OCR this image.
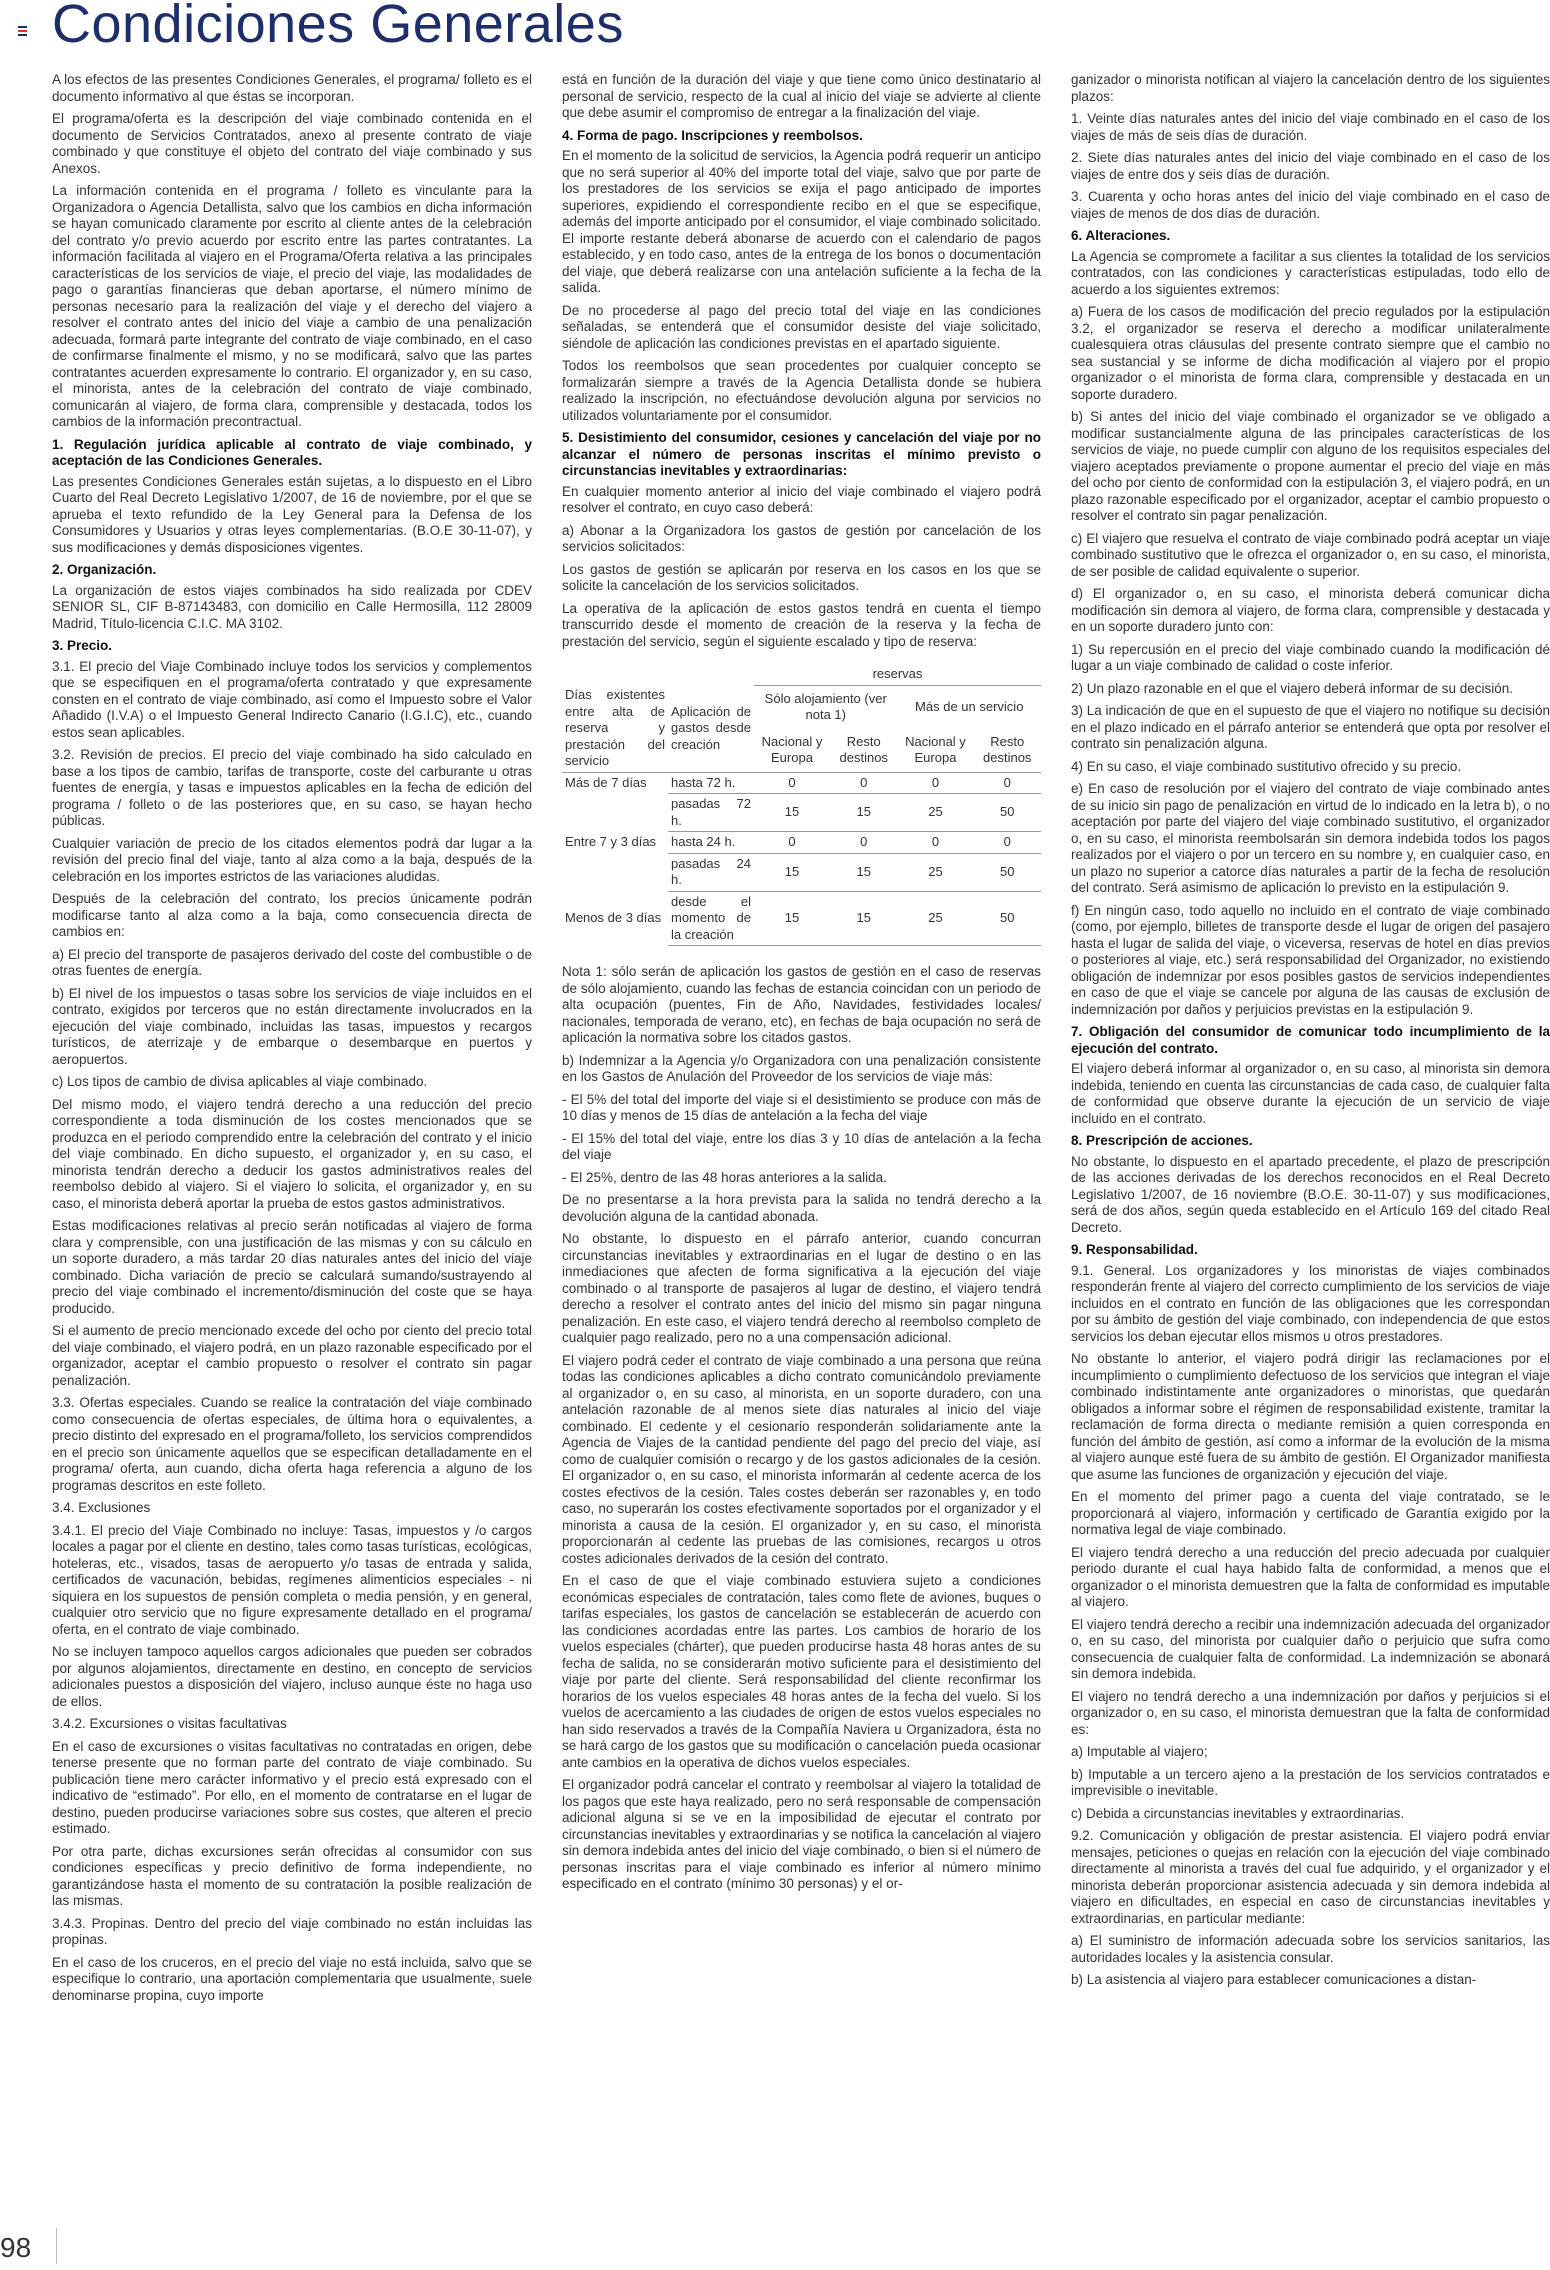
Condiciones Generales

A los efectos de las presentes Condiciones Generales, el programa/ folleto es el documento informativo al que éstas se incorporan.

El programa/oferta es la descripción del viaje combinado contenida en el documento de Servicios Contratados, anexo al presente contrato de viaje combinado y que constituye el objeto del contrato del viaje combinado y sus Anexos.

La información contenida en el programa / folleto es vinculante para la Organizadora o Agencia Detallista, salvo que los cambios en dicha información se hayan comunicado claramente por escrito al cliente antes de la celebración del contrato y/o previo acuerdo por escrito entre las partes contratantes. La información facilitada al viajero en el Programa/Oferta relativa a las principales características de los servicios de viaje, el precio del viaje, las modalidades de pago o garantías financieras que deban aportarse, el número mínimo de personas necesario para la realización del viaje y el derecho del viajero a resolver el contrato antes del inicio del viaje a cambio de una penalización adecuada, formará parte integrante del contrato de viaje combinado, en el caso de confirmarse finalmente el mismo, y no se modificará, salvo que las partes contratantes acuerden expresamente lo contrario. El organizador y, en su caso, el minorista, antes de la celebración del contrato de viaje combinado, comunicarán al viajero, de forma clara, comprensible y destacada, todos los cambios de la información precontractual.

1. Regulación jurídica aplicable al contrato de viaje combinado, y aceptación de las Condiciones Generales.

Las presentes Condiciones Generales están sujetas, a lo dispuesto en el Libro Cuarto del Real Decreto Legislativo 1/2007, de 16 de noviembre, por el que se aprueba el texto refundido de la Ley General para la Defensa de los Consumidores y Usuarios y otras leyes complementarias. (B.O.E 30-11-07), y sus modificaciones y demás disposiciones vigentes.

2. Organización.

La organización de estos viajes combinados ha sido realizada por CDEV SENIOR SL, CIF B-87143483, con domicilio en Calle Hermosilla, 112 28009 Madrid, Título-licencia C.I.C. MA 3102.

3. Precio.

3.1. El precio del Viaje Combinado incluye todos los servicios y complementos que se especifiquen en el programa/oferta contratado y que expresamente consten en el contrato de viaje combinado, así como el Impuesto sobre el Valor Añadido (I.V.A) o el Impuesto General Indirecto Canario (I.G.I.C), etc., cuando estos sean aplicables.

3.2. Revisión de precios. El precio del viaje combinado ha sido calculado en base a los tipos de cambio, tarifas de transporte, coste del carburante u otras fuentes de energía, y tasas e impuestos aplicables en la fecha de edición del programa / folleto o de las posteriores que, en su caso, se hayan hecho públicas.

Cualquier variación de precio de los citados elementos podrá dar lugar a la revisión del precio final del viaje, tanto al alza como a la baja, después de la celebración en los importes estrictos de las variaciones aludidas.

Después de la celebración del contrato, los precios únicamente podrán modificarse tanto al alza como a la baja, como consecuencia directa de cambios en:

a) El precio del transporte de pasajeros derivado del coste del combustible o de otras fuentes de energía.

b) El nivel de los impuestos o tasas sobre los servicios de viaje incluidos en el contrato, exigidos por terceros que no están directamente involucrados en la ejecución del viaje combinado, incluidas las tasas, impuestos y recargos turísticos, de aterrizaje y de embarque o desembarque en puertos y aeropuertos.

c) Los tipos de cambio de divisa aplicables al viaje combinado.

Del mismo modo, el viajero tendrá derecho a una reducción del precio correspondiente a toda disminución de los costes mencionados que se produzca en el periodo comprendido entre la celebración del contrato y el inicio del viaje combinado. En dicho supuesto, el organizador y, en su caso, el minorista tendrán derecho a deducir los gastos administrativos reales del reembolso debido al viajero. Si el viajero lo solicita, el organizador y, en su caso, el minorista deberá aportar la prueba de estos gastos administrativos.

Estas modificaciones relativas al precio serán notificadas al viajero de forma clara y comprensible, con una justificación de las mismas y con su cálculo en un soporte duradero, a más tardar 20 días naturales antes del inicio del viaje combinado. Dicha variación de precio se calculará sumando/sustrayendo al precio del viaje combinado el incremento/disminución del coste que se haya producido.

Si el aumento de precio mencionado excede del ocho por ciento del precio total del viaje combinado, el viajero podrá, en un plazo razonable especificado por el organizador, aceptar el cambio propuesto o resolver el contrato sin pagar penalización.

3.3. Ofertas especiales. Cuando se realice la contratación del viaje combinado como consecuencia de ofertas especiales, de última hora o equivalentes, a precio distinto del expresado en el programa/folleto, los servicios comprendidos en el precio son únicamente aquellos que se especifican detalladamente en el programa/ oferta, aun cuando, dicha oferta haga referencia a alguno de los programas descritos en este folleto.

3.4. Exclusiones

3.4.1. El precio del Viaje Combinado no incluye: Tasas, impuestos y /o cargos locales a pagar por el cliente en destino, tales como tasas turísticas, ecológicas, hoteleras, etc., visados, tasas de aeropuerto y/o tasas de entrada y salida, certificados de vacunación, bebidas, regímenes alimenticios especiales - ni siquiera en los supuestos de pensión completa o media pensión, y en general, cualquier otro servicio que no figure expresamente detallado en el programa/ oferta, en el contrato de viaje combinado.

No se incluyen tampoco aquellos cargos adicionales que pueden ser cobrados por algunos alojamientos, directamente en destino, en concepto de servicios adicionales puestos a disposición del viajero, incluso aunque éste no haga uso de ellos.

3.4.2. Excursiones o visitas facultativas

En el caso de excursiones o visitas facultativas no contratadas en origen, debe tenerse presente que no forman parte del contrato de viaje combinado. Su publicación tiene mero carácter informativo y el precio está expresado con el indicativo de “estimado”. Por ello, en el momento de contratarse en el lugar de destino, pueden producirse variaciones sobre sus costes, que alteren el precio estimado.

Por otra parte, dichas excursiones serán ofrecidas al consumidor con sus condiciones específicas y precio definitivo de forma independiente, no garantizándose hasta el momento de su contratación la posible realización de las mismas.

3.4.3. Propinas. Dentro del precio del viaje combinado no están incluidas las propinas.

En el caso de los cruceros, en el precio del viaje no está incluida, salvo que se especifique lo contrario, una aportación complementaria que usualmente, suele denominarse propina, cuyo importe

está en función de la duración del viaje y que tiene como único destinatario al personal de servicio, respecto de la cual al inicio del viaje se advierte al cliente que debe asumir el compromiso de entregar a la finalización del viaje.

4. Forma de pago. Inscripciones y reembolsos.

En el momento de la solicitud de servicios, la Agencia podrá requerir un anticipo que no será superior al 40% del importe total del viaje, salvo que por parte de los prestadores de los servicios se exija el pago anticipado de importes superiores, expidiendo el correspondiente recibo en el que se especifique, además del importe anticipado por el consumidor, el viaje combinado solicitado. El importe restante deberá abonarse de acuerdo con el calendario de pagos establecido, y en todo caso, antes de la entrega de los bonos o documentación del viaje, que deberá realizarse con una antelación suficiente a la fecha de la salida.

De no procederse al pago del precio total del viaje en las condiciones señaladas, se entenderá que el consumidor desiste del viaje solicitado, siéndole de aplicación las condiciones previstas en el apartado siguiente.

Todos los reembolsos que sean procedentes por cualquier concepto se formalizarán siempre a través de la Agencia Detallista donde se hubiera realizado la inscripción, no efectuándose devolución alguna por servicios no utilizados voluntariamente por el consumidor.

5. Desistimiento del consumidor, cesiones y cancelación del viaje por no alcanzar el número de personas inscritas el mínimo previsto o circunstancias inevitables y extraordinarias:

En cualquier momento anterior al inicio del viaje combinado el viajero podrá resolver el contrato, en cuyo caso deberá:

a) Abonar a la Organizadora los gastos de gestión por cancelación de los servicios solicitados:

Los gastos de gestión se aplicarán por reserva en los casos en los que se solicite la cancelación de los servicios solicitados.

La operativa de la aplicación de estos gastos tendrá en cuenta el tiempo transcurrido desde el momento de creación de la reserva y la fecha de prestación del servicio, según el siguiente escalado y tipo de reserva:

		reservas			
Días existentes entre alta de reserva y prestación del servicio	Aplicación de gastos desde creación	Sólo alojamiento (ver nota 1)		Más de un servicio	
		Nacional y Europa	Resto destinos	Nacional y Europa	Resto destinos
Más de 7 días	hasta 72 h.	0	0	0	0
	pasadas 72 h.	15	15	25	50
Entre 7 y 3 días	hasta 24 h.	0	0	0	0
	pasadas 24 h.	15	15	25	50
Menos de 3 días	desde el momento de la creación	15	15	25	50

Nota 1: sólo serán de aplicación los gastos de gestión en el caso de reservas de sólo alojamiento, cuando las fechas de estancia coincidan con un periodo de alta ocupación (puentes, Fin de Año, Navidades, festividades locales/ nacionales, temporada de verano, etc), en fechas de baja ocupación no será de aplicación la normativa sobre los citados gastos.

b) Indemnizar a la Agencia y/o Organizadora con una penalización consistente en los Gastos de Anulación del Proveedor de los servicios de viaje más:

- El 5% del total del importe del viaje si el desistimiento se produce con más de 10 días y menos de 15 días de antelación a la fecha del viaje

- El 15% del total del viaje, entre los días 3 y 10 días de antelación a la fecha del viaje

- El 25%, dentro de las 48 horas anteriores a la salida.

De no presentarse a la hora prevista para la salida no tendrá derecho a la devolución alguna de la cantidad abonada.

No obstante, lo dispuesto en el párrafo anterior, cuando concurran circunstancias inevitables y extraordinarias en el lugar de destino o en las inmediaciones que afecten de forma significativa a la ejecución del viaje combinado o al transporte de pasajeros al lugar de destino, el viajero tendrá derecho a resolver el contrato antes del inicio del mismo sin pagar ninguna penalización. En este caso, el viajero tendrá derecho al reembolso completo de cualquier pago realizado, pero no a una compensación adicional.

El viajero podrá ceder el contrato de viaje combinado a una persona que reúna todas las condiciones aplicables a dicho contrato comunicándolo previamente al organizador o, en su caso, al minorista, en un soporte duradero, con una antelación razonable de al menos siete días naturales al inicio del viaje combinado. El cedente y el cesionario responderán solidariamente ante la Agencia de Viajes de la cantidad pendiente del pago del precio del viaje, así como de cualquier comisión o recargo y de los gastos adicionales de la cesión. El organizador o, en su caso, el minorista informarán al cedente acerca de los costes efectivos de la cesión. Tales costes deberán ser razonables y, en todo caso, no superarán los costes efectivamente soportados por el organizador y el minorista a causa de la cesión. El organizador y, en su caso, el minorista proporcionarán al cedente las pruebas de las comisiones, recargos u otros costes adicionales derivados de la cesión del contrato.

En el caso de que el viaje combinado estuviera sujeto a condiciones económicas especiales de contratación, tales como flete de aviones, buques o tarifas especiales, los gastos de cancelación se establecerán de acuerdo con las condiciones acordadas entre las partes. Los cambios de horario de los vuelos especiales (chárter), que pueden producirse hasta 48 horas antes de su fecha de salida, no se considerarán motivo suficiente para el desistimiento del viaje por parte del cliente. Será responsabilidad del cliente reconfirmar los horarios de los vuelos especiales 48 horas antes de la fecha del vuelo. Si los vuelos de acercamiento a las ciudades de origen de estos vuelos especiales no han sido reservados a través de la Compañía Naviera u Organizadora, ésta no se hará cargo de los gastos que su modificación o cancelación pueda ocasionar ante cambios en la operativa de dichos vuelos especiales.

El organizador podrá cancelar el contrato y reembolsar al viajero la totalidad de los pagos que este haya realizado, pero no será responsable de compensación adicional alguna si se ve en la imposibilidad de ejecutar el contrato por circunstancias inevitables y extraordinarias y se notifica la cancelación al viajero sin demora indebida antes del inicio del viaje combinado, o bien si el número de personas inscritas para el viaje combinado es inferior al número mínimo especificado en el contrato (mínimo 30 personas) y el or-

ganizador o minorista notifican al viajero la cancelación dentro de los siguientes plazos:

1. Veinte días naturales antes del inicio del viaje combinado en el caso de los viajes de más de seis días de duración.

2. Siete días naturales antes del inicio del viaje combinado en el caso de los viajes de entre dos y seis días de duración.

3. Cuarenta y ocho horas antes del inicio del viaje combinado en el caso de viajes de menos de dos días de duración.

6. Alteraciones.

La Agencia se compromete a facilitar a sus clientes la totalidad de los servicios contratados, con las condiciones y características estipuladas, todo ello de acuerdo a los siguientes extremos:

a) Fuera de los casos de modificación del precio regulados por la estipulación 3.2, el organizador se reserva el derecho a modificar unilateralmente cualesquiera otras cláusulas del presente contrato siempre que el cambio no sea sustancial y se informe de dicha modificación al viajero por el propio organizador o el minorista de forma clara, comprensible y destacada en un soporte duradero.

b) Si antes del inicio del viaje combinado el organizador se ve obligado a modificar sustancialmente alguna de las principales características de los servicios de viaje, no puede cumplir con alguno de los requisitos especiales del viajero aceptados previamente o propone aumentar el precio del viaje en más del ocho por ciento de conformidad con la estipulación 3, el viajero podrá, en un plazo razonable especificado por el organizador, aceptar el cambio propuesto o resolver el contrato sin pagar penalización.

c) El viajero que resuelva el contrato de viaje combinado podrá aceptar un viaje combinado sustitutivo que le ofrezca el organizador o, en su caso, el minorista, de ser posible de calidad equivalente o superior.

d) El organizador o, en su caso, el minorista deberá comunicar dicha modificación sin demora al viajero, de forma clara, comprensible y destacada y en un soporte duradero junto con:

1) Su repercusión en el precio del viaje combinado cuando la modificación dé lugar a un viaje combinado de calidad o coste inferior.

2) Un plazo razonable en el que el viajero deberá informar de su decisión.

3) La indicación de que en el supuesto de que el viajero no notifique su decisión en el plazo indicado en el párrafo anterior se entenderá que opta por resolver el contrato sin penalización alguna.

4) En su caso, el viaje combinado sustitutivo ofrecido y su precio.

e) En caso de resolución por el viajero del contrato de viaje combinado antes de su inicio sin pago de penalización en virtud de lo indicado en la letra b), o no aceptación por parte del viajero del viaje combinado sustitutivo, el organizador o, en su caso, el minorista reembolsarán sin demora indebida todos los pagos realizados por el viajero o por un tercero en su nombre y, en cualquier caso, en un plazo no superior a catorce días naturales a partir de la fecha de resolución del contrato. Será asimismo de aplicación lo previsto en la estipulación 9.

f) En ningún caso, todo aquello no incluido en el contrato de viaje combinado (como, por ejemplo, billetes de transporte desde el lugar de origen del pasajero hasta el lugar de salida del viaje, o viceversa, reservas de hotel en días previos o posteriores al viaje, etc.) será responsabilidad del Organizador, no existiendo obligación de indemnizar por esos posibles gastos de servicios independientes en caso de que el viaje se cancele por alguna de las causas de exclusión de indemnización por daños y perjuicios previstas en la estipulación 9.

7. Obligación del consumidor de comunicar todo incumplimiento de la ejecución del contrato.

El viajero deberá informar al organizador o, en su caso, al minorista sin demora indebida, teniendo en cuenta las circunstancias de cada caso, de cualquier falta de conformidad que observe durante la ejecución de un servicio de viaje incluido en el contrato.

8. Prescripción de acciones.

No obstante, lo dispuesto en el apartado precedente, el plazo de prescripción de las acciones derivadas de los derechos reconocidos en el Real Decreto Legislativo 1/2007, de 16 noviembre (B.O.E. 30-11-07) y sus modificaciones, será de dos años, según queda establecido en el Artículo 169 del citado Real Decreto.

9. Responsabilidad.

9.1. General. Los organizadores y los minoristas de viajes combinados responderán frente al viajero del correcto cumplimiento de los servicios de viaje incluidos en el contrato en función de las obligaciones que les correspondan por su ámbito de gestión del viaje combinado, con independencia de que estos servicios los deban ejecutar ellos mismos u otros prestadores.

No obstante lo anterior, el viajero podrá dirigir las reclamaciones por el incumplimiento o cumplimiento defectuoso de los servicios que integran el viaje combinado indistintamente ante organizadores o minoristas, que quedarán obligados a informar sobre el régimen de responsabilidad existente, tramitar la reclamación de forma directa o mediante remisión a quien corresponda en función del ámbito de gestión, así como a informar de la evolución de la misma al viajero aunque esté fuera de su ámbito de gestión. El Organizador manifiesta que asume las funciones de organización y ejecución del viaje.

En el momento del primer pago a cuenta del viaje contratado, se le proporcionará al viajero, información y certificado de Garantía exigido por la normativa legal de viaje combinado.

El viajero tendrá derecho a una reducción del precio adecuada por cualquier periodo durante el cual haya habido falta de conformidad, a menos que el organizador o el minorista demuestren que la falta de conformidad es imputable al viajero.

El viajero tendrá derecho a recibir una indemnización adecuada del organizador o, en su caso, del minorista por cualquier daño o perjuicio que sufra como consecuencia de cualquier falta de conformidad. La indemnización se abonará sin demora indebida.

El viajero no tendrá derecho a una indemnización por daños y perjuicios si el organizador o, en su caso, el minorista demuestran que la falta de conformidad es:

a) Imputable al viajero;

b) Imputable a un tercero ajeno a la prestación de los servicios contratados e imprevisible o inevitable.

c) Debida a circunstancias inevitables y extraordinarias.

9.2. Comunicación y obligación de prestar asistencia. El viajero podrá enviar mensajes, peticiones o quejas en relación con la ejecución del viaje combinado directamente al minorista a través del cual fue adquirido, y el organizador y el minorista deberán proporcionar asistencia adecuada y sin demora indebida al viajero en dificultades, en especial en caso de circunstancias inevitables y extraordinarias, en particular mediante:

a) El suministro de información adecuada sobre los servicios sanitarios, las autoridades locales y la asistencia consular.

b) La asistencia al viajero para establecer comunicaciones a distan-

98
